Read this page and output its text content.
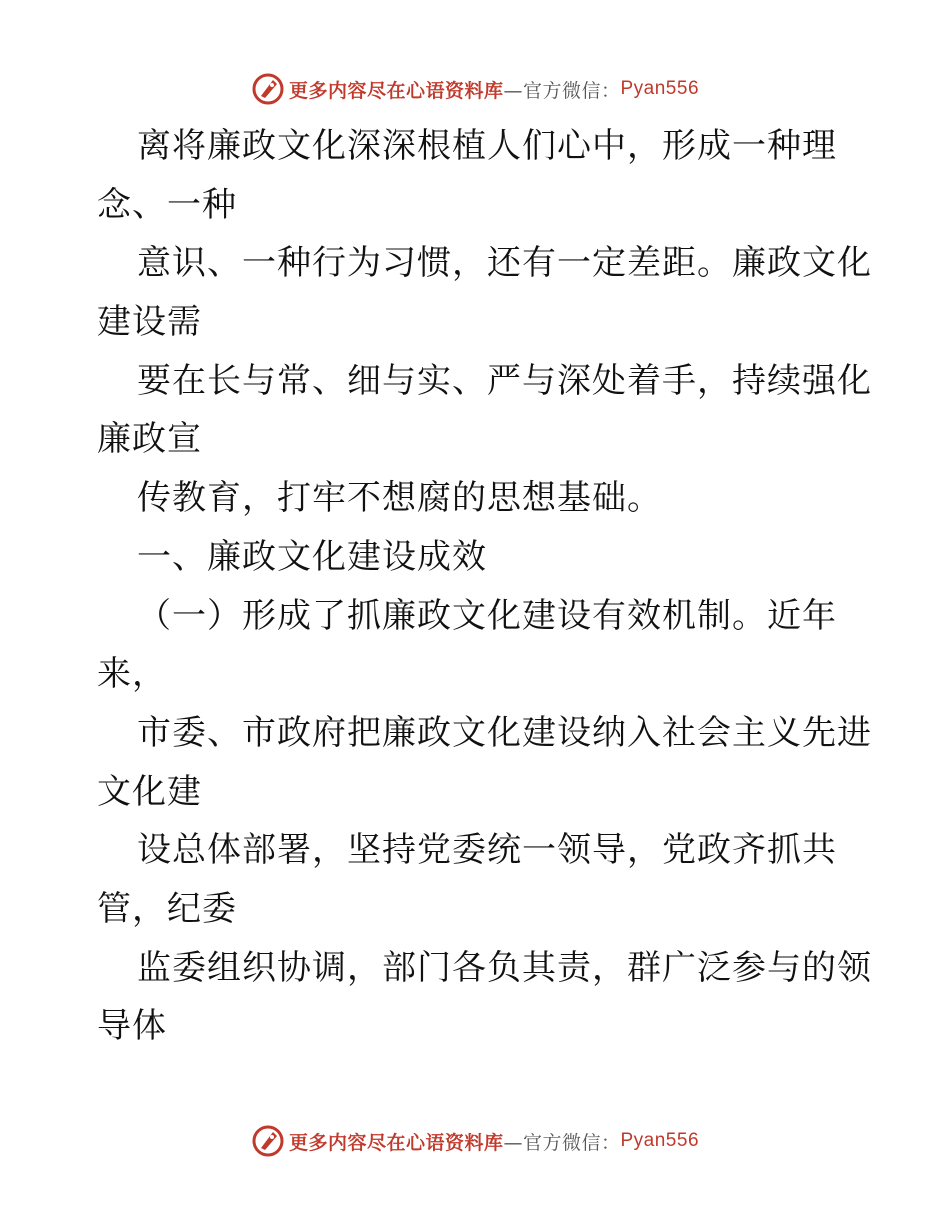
更多内容尽在心语资料库 —官方微信： Pyan556
离将廉政文化深深根植人们心中，形成一种理
念、一种
意识、一种行为习惯，还有一定差距。廉政文化
建设需
要在长与常、细与实、严与深处着手，持续强化
廉政宣
传教育，打牢不想腐的思想基础。
一、廉政文化建设成效
（一）形成了抓廉政文化建设有效机制。近年
来，
市委、市政府把廉政文化建设纳入社会主义先进
文化建
设总体部署，坚持党委统一领导，党政齐抓共
管，纪委
监委组织协调，部门各负其责，群广泛参与的领
导体
更多内容尽在心语资料库 —官方微信： Pyan556
